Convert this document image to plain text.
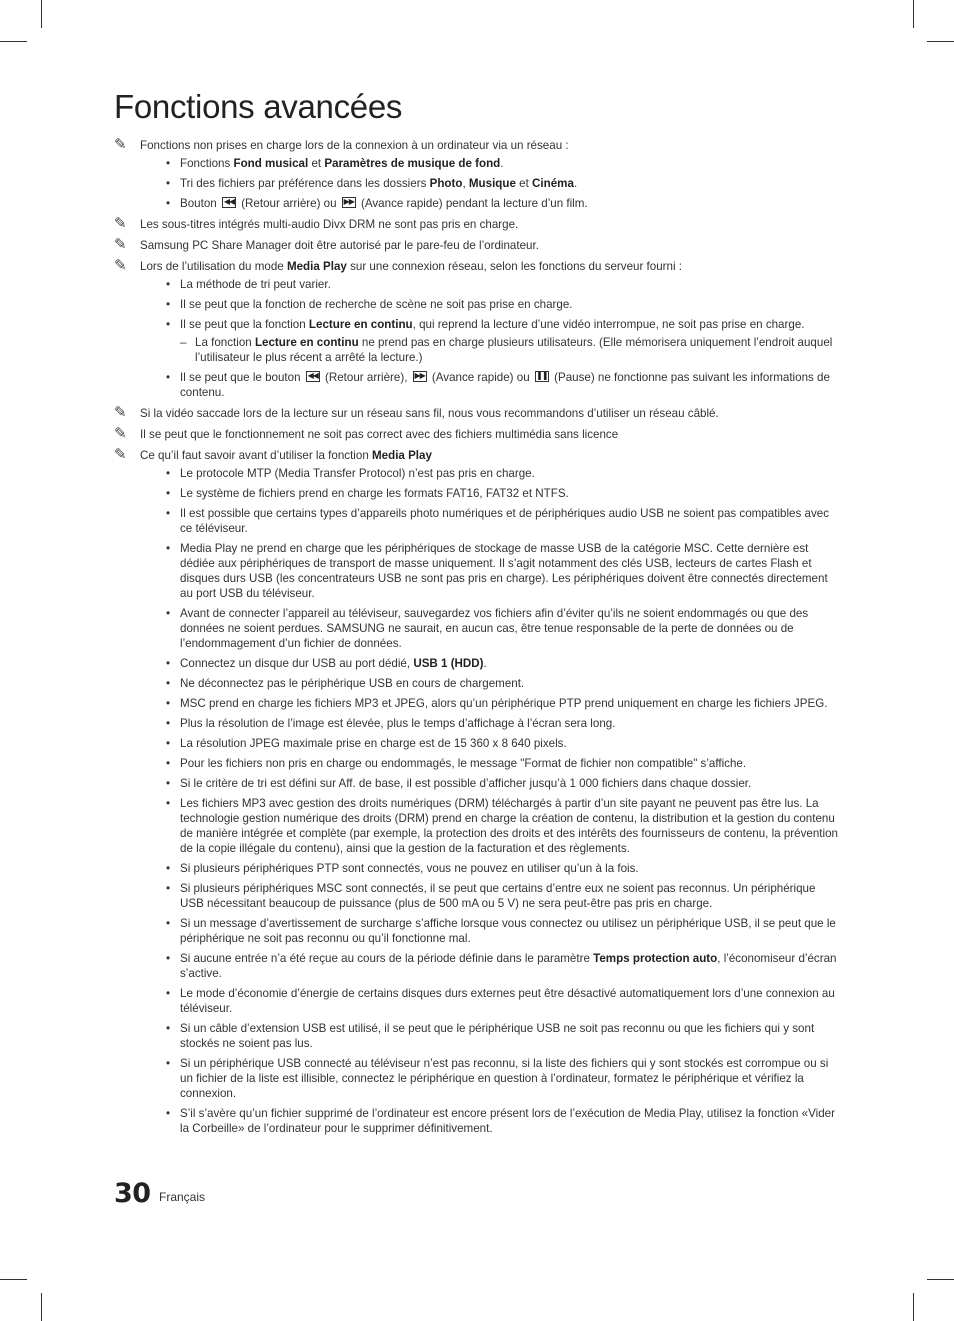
Fonctions avancées
✎	Fonctions non prises en charge lors de la connexion à un ordinateur via un réseau :
• Fonctions Fond musical et Paramètres de musique de fond.
• Tri des fichiers par préférence dans les dossiers Photo, Musique et Cinéma.
• Bouton ◀◀ (Retour arrière) ou ▶▶ (Avance rapide) pendant la lecture d’un film.
✎	Les sous-titres intégrés multi-audio Divx DRM ne sont pas pris en charge.
✎	Samsung PC Share Manager doit être autorisé par le pare-feu de l’ordinateur.
✎	Lors de l’utilisation du mode Media Play sur une connexion réseau, selon les fonctions du serveur fourni :
• La méthode de tri peut varier.
• Il se peut que la fonction de recherche de scène ne soit pas prise en charge.
• Il se peut que la fonction Lecture en continu, qui reprend la lecture d’une vidéo interrompue, ne soit pas prise en charge.
– La fonction Lecture en continu ne prend pas en charge plusieurs utilisateurs. (Elle mémorisera uniquement l’endroit auquel l’utilisateur le plus récent a arrêté la lecture.)
• Il se peut que le bouton ◀◀ (Retour arrière), ▶▶ (Avance rapide) ou ❚❚ (Pause) ne fonctionne pas suivant les informations de contenu.
✎	Si la vidéo saccade lors de la lecture sur un réseau sans fil, nous vous recommandons d’utiliser un réseau câblé.
✎	Il se peut que le fonctionnement ne soit pas correct avec des fichiers multimédia sans licence
✎	Ce qu’il faut savoir avant d’utiliser la fonction Media Play
• Le protocole MTP (Media Transfer Protocol) n’est pas pris en charge.
• Le système de fichiers prend en charge les formats FAT16, FAT32 et NTFS.
• Il est possible que certains types d’appareils photo numériques et de périphériques audio USB ne soient pas compatibles avec ce téléviseur.
• Media Play ne prend en charge que les périphériques de stockage de masse USB de la catégorie MSC. Cette dernière est dédiée aux périphériques de transport de masse uniquement. Il s’agit notamment des clés USB, lecteurs de cartes Flash et disques durs USB (les concentrateurs USB ne sont pas pris en charge). Les périphériques doivent être connectés directement au port USB du téléviseur.
• Avant de connecter l’appareil au téléviseur, sauvegardez vos fichiers afin d’éviter qu’ils ne soient endommagés ou que des données ne soient perdues. SAMSUNG ne saurait, en aucun cas, être tenue responsable de la perte de données ou de l’endommagement d’un fichier de données.
• Connectez un disque dur USB au port dédié, USB 1 (HDD).
• Ne déconnectez pas le périphérique USB en cours de chargement.
• MSC prend en charge les fichiers MP3 et JPEG, alors qu’un périphérique PTP prend uniquement en charge les fichiers JPEG.
• Plus la résolution de l’image est élevée, plus le temps d’affichage à l’écran sera long.
• La résolution JPEG maximale prise en charge est de 15 360 x 8 640 pixels.
• Pour les fichiers non pris en charge ou endommagés, le message "Format de fichier non compatible" s’affiche.
• Si le critère de tri est défini sur Aff. de base, il est possible d’afficher jusqu’à 1 000 fichiers dans chaque dossier.
• Les fichiers MP3 avec gestion des droits numériques (DRM) téléchargés à partir d’un site payant ne peuvent pas être lus. La technologie gestion numérique des droits (DRM) prend en charge la création de contenu, la distribution et la gestion du contenu de manière intégrée et complète (par exemple, la protection des droits et des intérêts des fournisseurs de contenu, la prévention de la copie illégale du contenu), ainsi que la gestion de la facturation et des règlements.
• Si plusieurs périphériques PTP sont connectés, vous ne pouvez en utiliser qu’un à la fois.
• Si plusieurs périphériques MSC sont connectés, il se peut que certains d’entre eux ne soient pas reconnus. Un périphérique USB nécessitant beaucoup de puissance (plus de 500 mA ou 5 V) ne sera peut-être pas pris en charge.
• Si un message d’avertissement de surcharge s’affiche lorsque vous connectez ou utilisez un périphérique USB, il se peut que le périphérique ne soit pas reconnu ou qu’il fonctionne mal.
• Si aucune entrée n’a été reçue au cours de la période définie dans le paramètre Temps protection auto, l’économiseur d’écran s’active.
• Le mode d’économie d’énergie de certains disques durs externes peut être désactivé automatiquement lors d’une connexion au téléviseur.
• Si un câble d’extension USB est utilisé, il se peut que le périphérique USB ne soit pas reconnu ou que les fichiers qui y sont stockés ne soient pas lus.
• Si un périphérique USB connecté au téléviseur n’est pas reconnu, si la liste des fichiers qui y sont stockés est corrompue ou si un fichier de la liste est illisible, connectez le périphérique en question à l’ordinateur, formatez le périphérique et vérifiez la connexion.
• S’il s’avère qu’un fichier supprimé de l’ordinateur est encore présent lors de l’exécution de Media Play, utilisez la fonction «Vider la Corbeille» de l’ordinateur pour le supprimer définitivement.
30 Français
